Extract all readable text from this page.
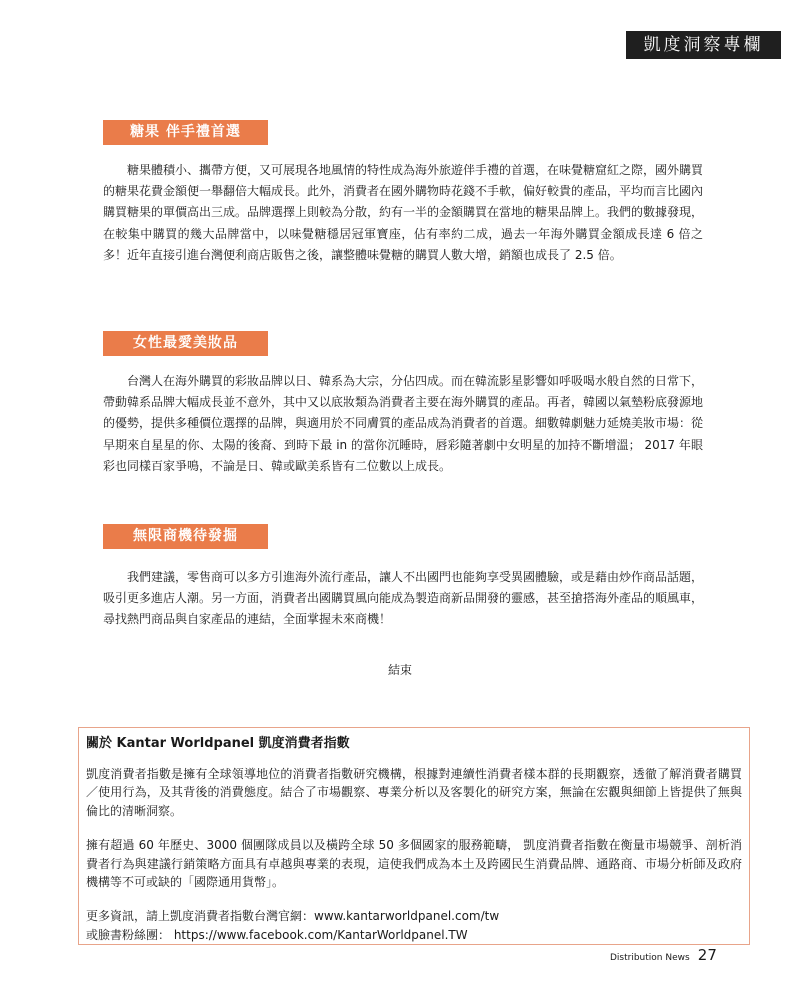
凱度洞察專欄
糖果 伴手禮首選

糖果體積小、攜帶方便，又可展現各地風情的特性成為海外旅遊伴手禮的首選，在味覺糖窟紅之際，國外購買的糖果花費金額便一舉翻倍大幅成長。此外，消費者在國外購物時花錢不手軟，偏好較貴的產品，平均而言比國內購買糖果的單價高出三成。品牌選擇上則較為分散，約有一半的金額購買在當地的糖果品牌上。我們的數據發現，在較集中購買的幾大品牌當中，以味覺糖穩居冠軍寶座，佔有率約二成，過去一年海外購買金額成長達 6 倍之多！近年直接引進台灣便利商店販售之後，讓整體味覺糖的購買人數大增，銷額也成長了 2.5 倍。

女性最愛美妝品

台灣人在海外購買的彩妝品牌以日、韓系為大宗，分佔四成。而在韓流影星影響如呼吸喝水般自然的日常下，帶動韓系品牌大幅成長並不意外，其中又以底妝類為消費者主要在海外購買的產品。再者，韓國以氣墊粉底發源地的優勢，提供多種價位選擇的品牌，與適用於不同膚質的產品成為消費者的首選。細數韓劇魅力延燒美妝市場：從早期來自星星的你、太陽的後裔、到時下最 in 的當你沉睡時，唇彩隨著劇中女明星的加持不斷增溫； 2017 年眼彩也同樣百家爭鳴，不論是日、韓或歐美系皆有二位數以上成長。

無限商機待發掘

我們建議，零售商可以多方引進海外流行產品，讓人不出國門也能夠享受異國體驗，或是藉由炒作商品話題，吸引更多進店人潮。另一方面，消費者出國購買風向能成為製造商新品開發的靈感，甚至搶搭海外產品的順風車，尋找熱門商品與自家產品的連結，全面掌握未來商機！

結束
關於 Kantar Worldpanel 凱度消費者指數

凱度消費者指數是擁有全球領導地位的消費者指數研究機構，根據對連續性消費者樣本群的長期觀察，透徹了解消費者購買／使用行為，及其背後的消費態度。結合了市場觀察、專業分析以及客製化的研究方案，無論在宏觀與細節上皆提供了無與倫比的清晰洞察。

擁有超過 60 年歷史、3000 個團隊成員以及橫跨全球 50 多個國家的服務範疇， 凱度消費者指數在衡量市場競爭、剖析消費者行為與建議行銷策略方面具有卓越與專業的表現，這使我們成為本土及跨國民生消費品牌、通路商、市場分析師及政府機構等不可或缺的「國際通用貨幣」。

更多資訊，請上凱度消費者指數台灣官網：www.kantarworldpanel.com/tw
或臉書粉絲團： https://www.facebook.com/KantarWorldpanel.TW

Distribution News 27
